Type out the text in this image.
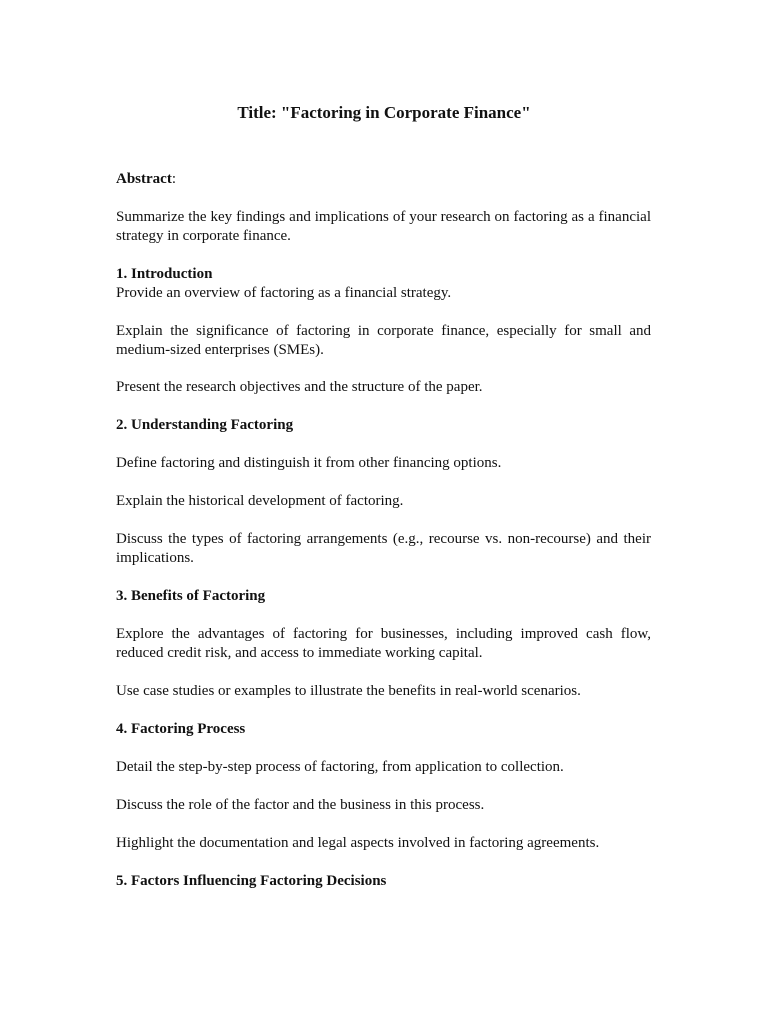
Title: "Factoring in Corporate Finance"

Abstract:

Summarize the key findings and implications of your research on factoring as a financial strategy in corporate finance.

1. Introduction

Provide an overview of factoring as a financial strategy.

Explain the significance of factoring in corporate finance, especially for small and medium-sized enterprises (SMEs).

Present the research objectives and the structure of the paper.

2. Understanding Factoring

Define factoring and distinguish it from other financing options.

Explain the historical development of factoring.

Discuss the types of factoring arrangements (e.g., recourse vs. non-recourse) and their implications.

3. Benefits of Factoring

Explore the advantages of factoring for businesses, including improved cash flow, reduced credit risk, and access to immediate working capital.

Use case studies or examples to illustrate the benefits in real-world scenarios.

4. Factoring Process

Detail the step-by-step process of factoring, from application to collection.

Discuss the role of the factor and the business in this process.

Highlight the documentation and legal aspects involved in factoring agreements.

5. Factors Influencing Factoring Decisions
